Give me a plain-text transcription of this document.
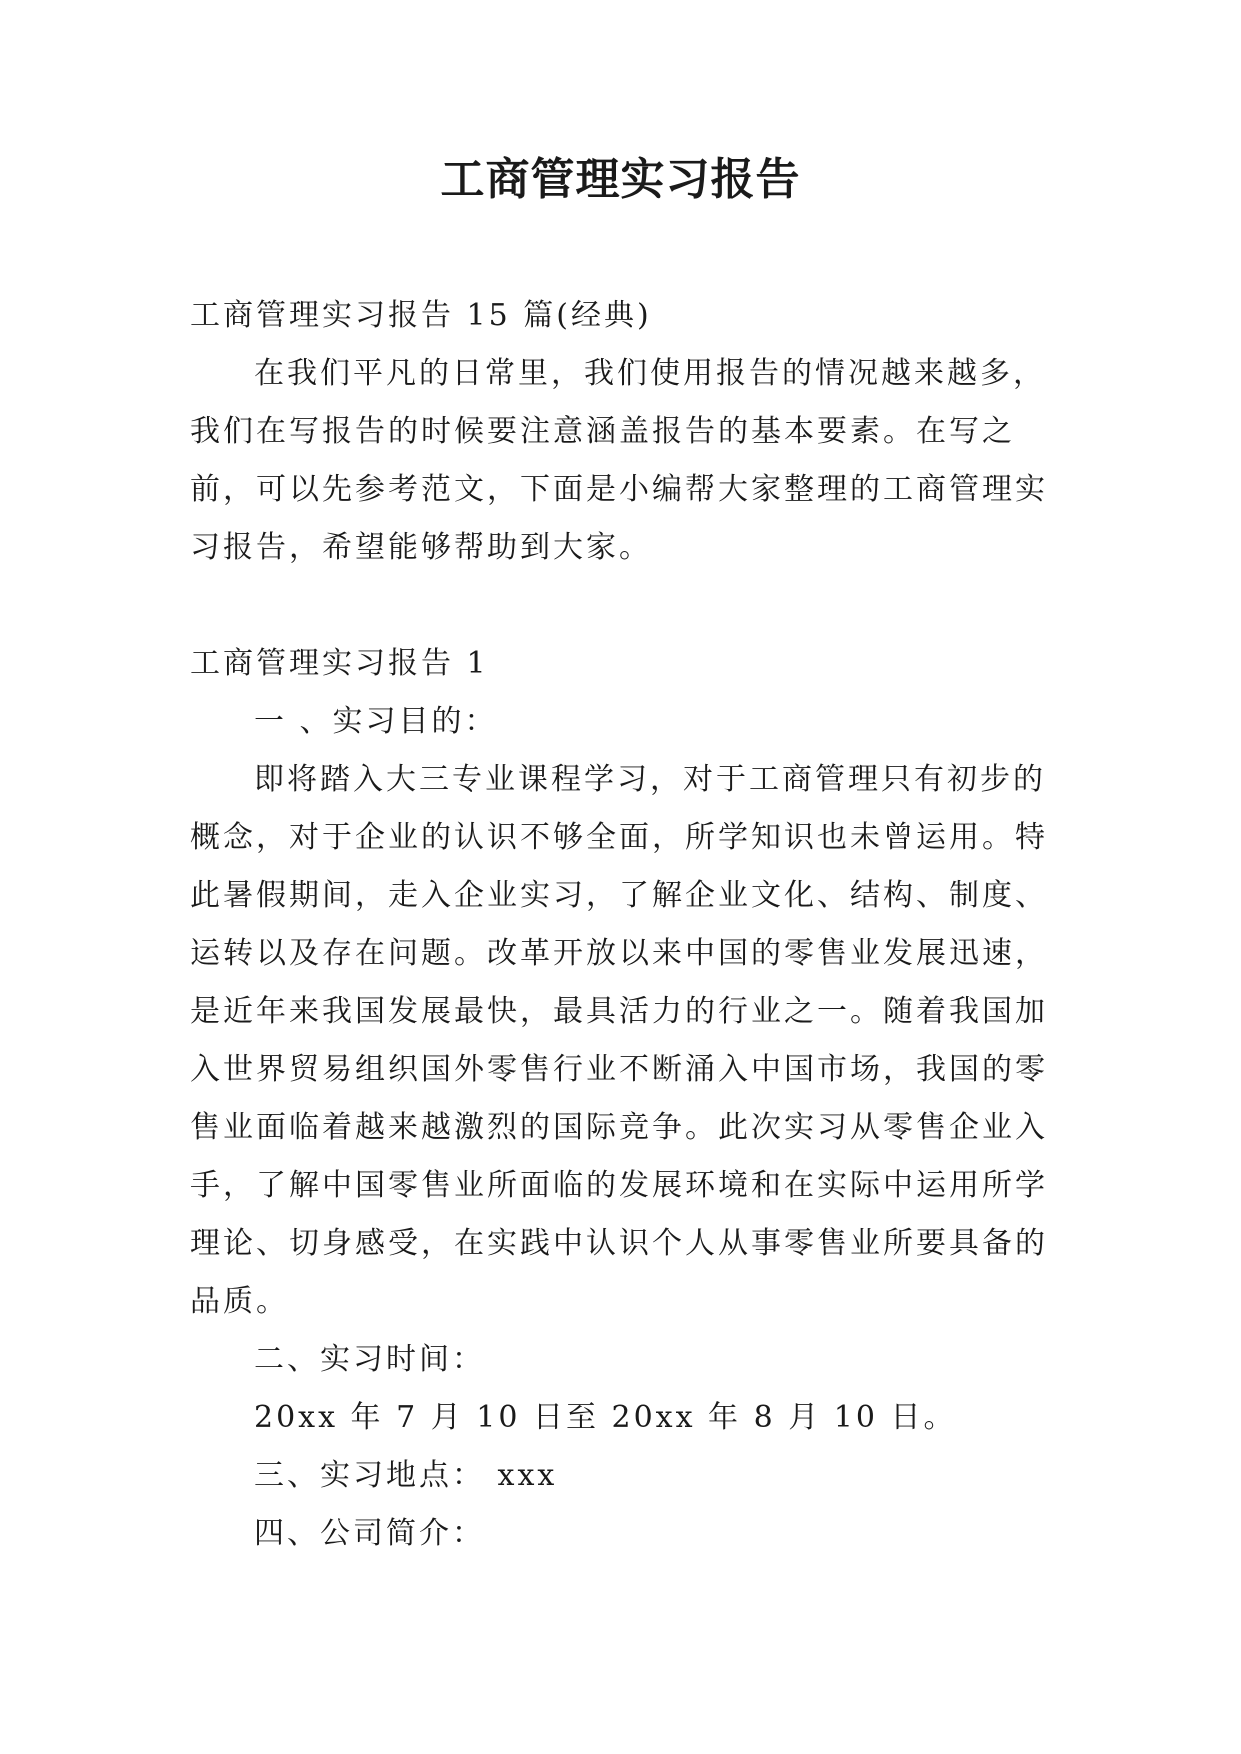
工商管理实习报告

工商管理实习报告 15 篇(经典)

在我们平凡的日常里，我们使用报告的情况越来越多，我们在写报告的时候要注意涵盖报告的基本要素。在写之前，可以先参考范文，下面是小编帮大家整理的工商管理实习报告，希望能够帮助到大家。

工商管理实习报告 1

一 、实习目的：

即将踏入大三专业课程学习，对于工商管理只有初步的概念，对于企业的认识不够全面，所学知识也未曾运用。特此暑假期间，走入企业实习，了解企业文化、结构、制度、运转以及存在问题。改革开放以来中国的零售业发展迅速，是近年来我国发展最快，最具活力的行业之一。随着我国加入世界贸易组织国外零售行业不断涌入中国市场，我国的零售业面临着越来越激烈的国际竞争。此次实习从零售企业入手，了解中国零售业所面临的发展环境和在实际中运用所学理论、切身感受，在实践中认识个人从事零售业所要具备的品质。

二、实习时间：

20xx 年 7 月 10 日至 20xx 年 8 月 10 日。

三、实习地点： xxx

四、公司简介：
